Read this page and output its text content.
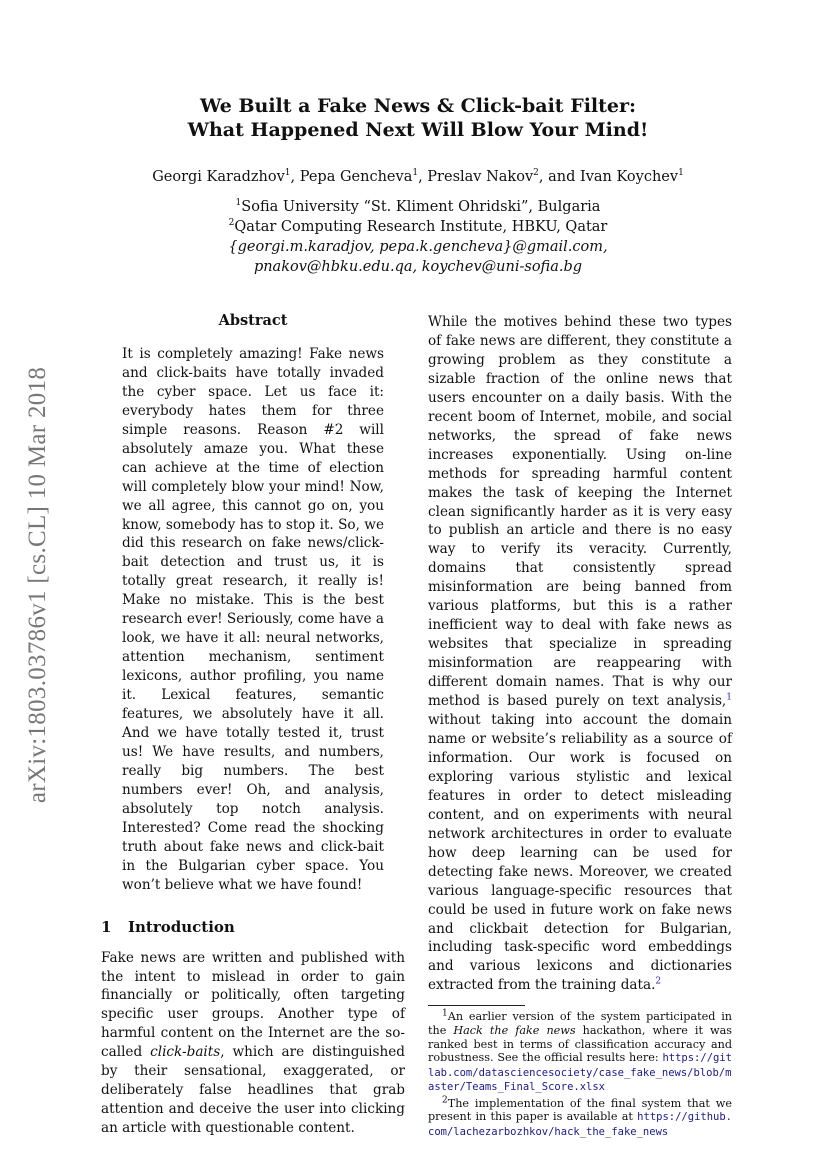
arXiv:1803.03786v1 [cs.CL] 10 Mar 2018
We Built a Fake News & Click-bait Filter:
What Happened Next Will Blow Your Mind!
Georgi Karadzhov$^1$, Pepa Gencheva$^1$, Preslav Nakov$^2$, and Ivan Koychev$^1$
$^1$Sofia University “St. Kliment Ohridski”, Bulgaria
$^2$Qatar Computing Research Institute, HBKU, Qatar
{georgi.m.karadjov, pepa.k.gencheva}@gmail.com,
pnakov@hbku.edu.qa, koychev@uni-sofia.bg
Abstract

It is completely amazing! Fake news and click-baits have totally invaded the cyber space. Let us face it: everybody hates them for three simple reasons. Reason #2 will absolutely amaze you. What these can achieve at the time of election will completely blow your mind! Now, we all agree, this cannot go on, you know, somebody has to stop it. So, we did this research on fake news/click-bait detection and trust us, it is totally great research, it really is! Make no mistake. This is the best research ever! Seriously, come have a look, we have it all: neural networks, attention mechanism, sentiment lexicons, author profiling, you name it. Lexical features, semantic features, we absolutely have it all. And we have totally tested it, trust us! We have results, and numbers, really big numbers. The best numbers ever! Oh, and analysis, absolutely top notch analysis. Interested? Come read the shocking truth about fake news and click-bait in the Bulgarian cyber space. You won’t believe what we have found!

1 Introduction

Fake news are written and published with the intent to mislead in order to gain financially or politically, often targeting specific user groups. Another type of harmful content on the Internet are the so-called click-baits, which are distinguished by their sensational, exaggerated, or deliberately false headlines that grab attention and deceive the user into clicking an article with questionable content.

While the motives behind these two types of fake news are different, they constitute a growing problem as they constitute a sizable fraction of the online news that users encounter on a daily basis. With the recent boom of Internet, mobile, and social networks, the spread of fake news increases exponentially. Using on-line methods for spreading harmful content makes the task of keeping the Internet clean significantly harder as it is very easy to publish an article and there is no easy way to verify its veracity. Currently, domains that consistently spread misinformation are being banned from various platforms, but this is a rather inefficient way to deal with fake news as websites that specialize in spreading misinformation are reappearing with different domain names. That is why our method is based purely on text analysis,$^1$ without taking into account the domain name or website’s reliability as a source of information. Our work is focused on exploring various stylistic and lexical features in order to detect misleading content, and on experiments with neural network architectures in order to evaluate how deep learning can be used for detecting fake news. Moreover, we created various language-specific resources that could be used in future work on fake news and clickbait detection for Bulgarian, including task-specific word embeddings and various lexicons and dictionaries extracted from the training data.$^2$

$^1$An earlier version of the system participated in the Hack the fake news hackathon, where it was ranked best in terms of classification accuracy and robustness. See the official results here: https://gitlab.com/datasciencesociety/case_fake_news/blob/master/Teams_Final_Score.xlsx

$^2$The implementation of the final system that we present in this paper is available at https://github.com/lachezarbozhkov/hack_the_fake_news
